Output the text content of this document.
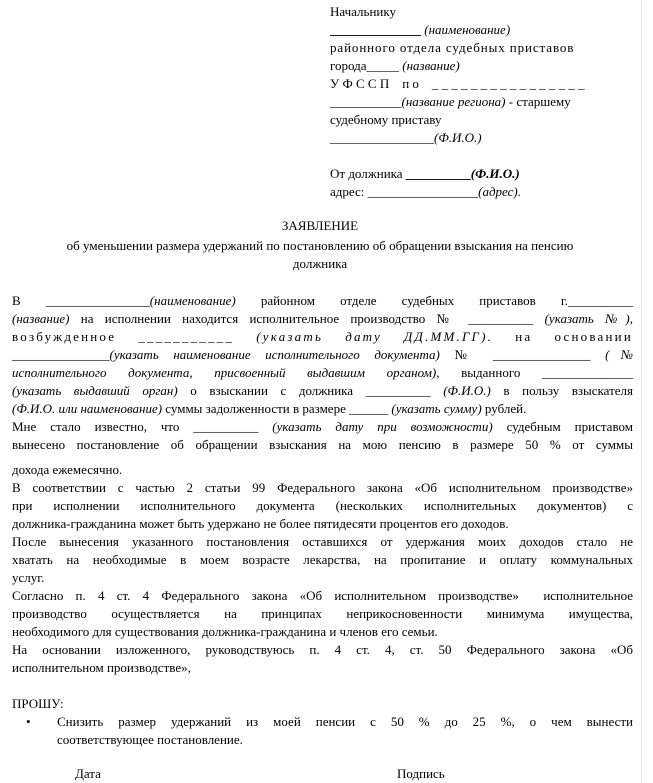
Начальнику
______________ (наименование)
районного отдела судебных приставов
города_____ (название)
У Ф С С П    п о    _ _ _ _ _ _ _ _ _ _ _ _ _ _ _ _
___________(название региона) - старшему
судебному приставу
________________(Ф.И.О.)
От должника __________(Ф.И.О.)
адрес: _________________(адрес).
ЗАЯВЛЕНИЕ
об уменьшении размера удержаний по постановлению об обращении взыскания на пенсию
должника
В ________________(наименование) районном отделе судебных приставов г.__________
(название) на исполнении находится исполнительное производство № __________ (указать №),
возбужденное ___________ (указать дату ДД.ММ.ГГ). на основании
_______________(указать наименование исполнительного документа) № _______________ (№
исполнительного документа, присвоенный выдавшим органом), выданного ______________
(указать выдавший орган) о взыскании с должника __________ (Ф.И.О.) в пользу взыскателя
(Ф.И.О. или наименование) суммы задолженности в размере ______ (указать сумму) рублей.
Мне стало известно, что __________ (указать дату при возможности) судебным приставом
вынесено постановление об обращении взыскания на мою пенсию в размере 50 % от суммы
дохода ежемесячно.
В соответствии с частью 2 статьи 99 Федерального закона «Об исполнительном производстве»
при исполнении исполнительного документа (нескольких исполнительных документов) с
должника-гражданина может быть удержано не более пятидесяти процентов его доходов.
После вынесения указанного постановления оставшихся от удержания моих доходов стало не
хватать на необходимые в моем возрасте лекарства, на пропитание и оплату коммунальных
услуг.
Согласно п. 4 ст. 4 Федерального закона «Об исполнительном производстве»  исполнительное
производство осуществляется на принципах неприкосновенности минимума имущества,
необходимого для существования должника-гражданина и членов его семьи.
На основании изложенного, руководствуюсь п. 4 ст. 4, ст. 50 Федерального закона «Об
исполнительном производстве»,
ПРОШУ:
• Снизить размер удержаний из моей пенсии с 50 % до 25 %, о чем вынести
соответствующее постановление.
Дата	Подпись
